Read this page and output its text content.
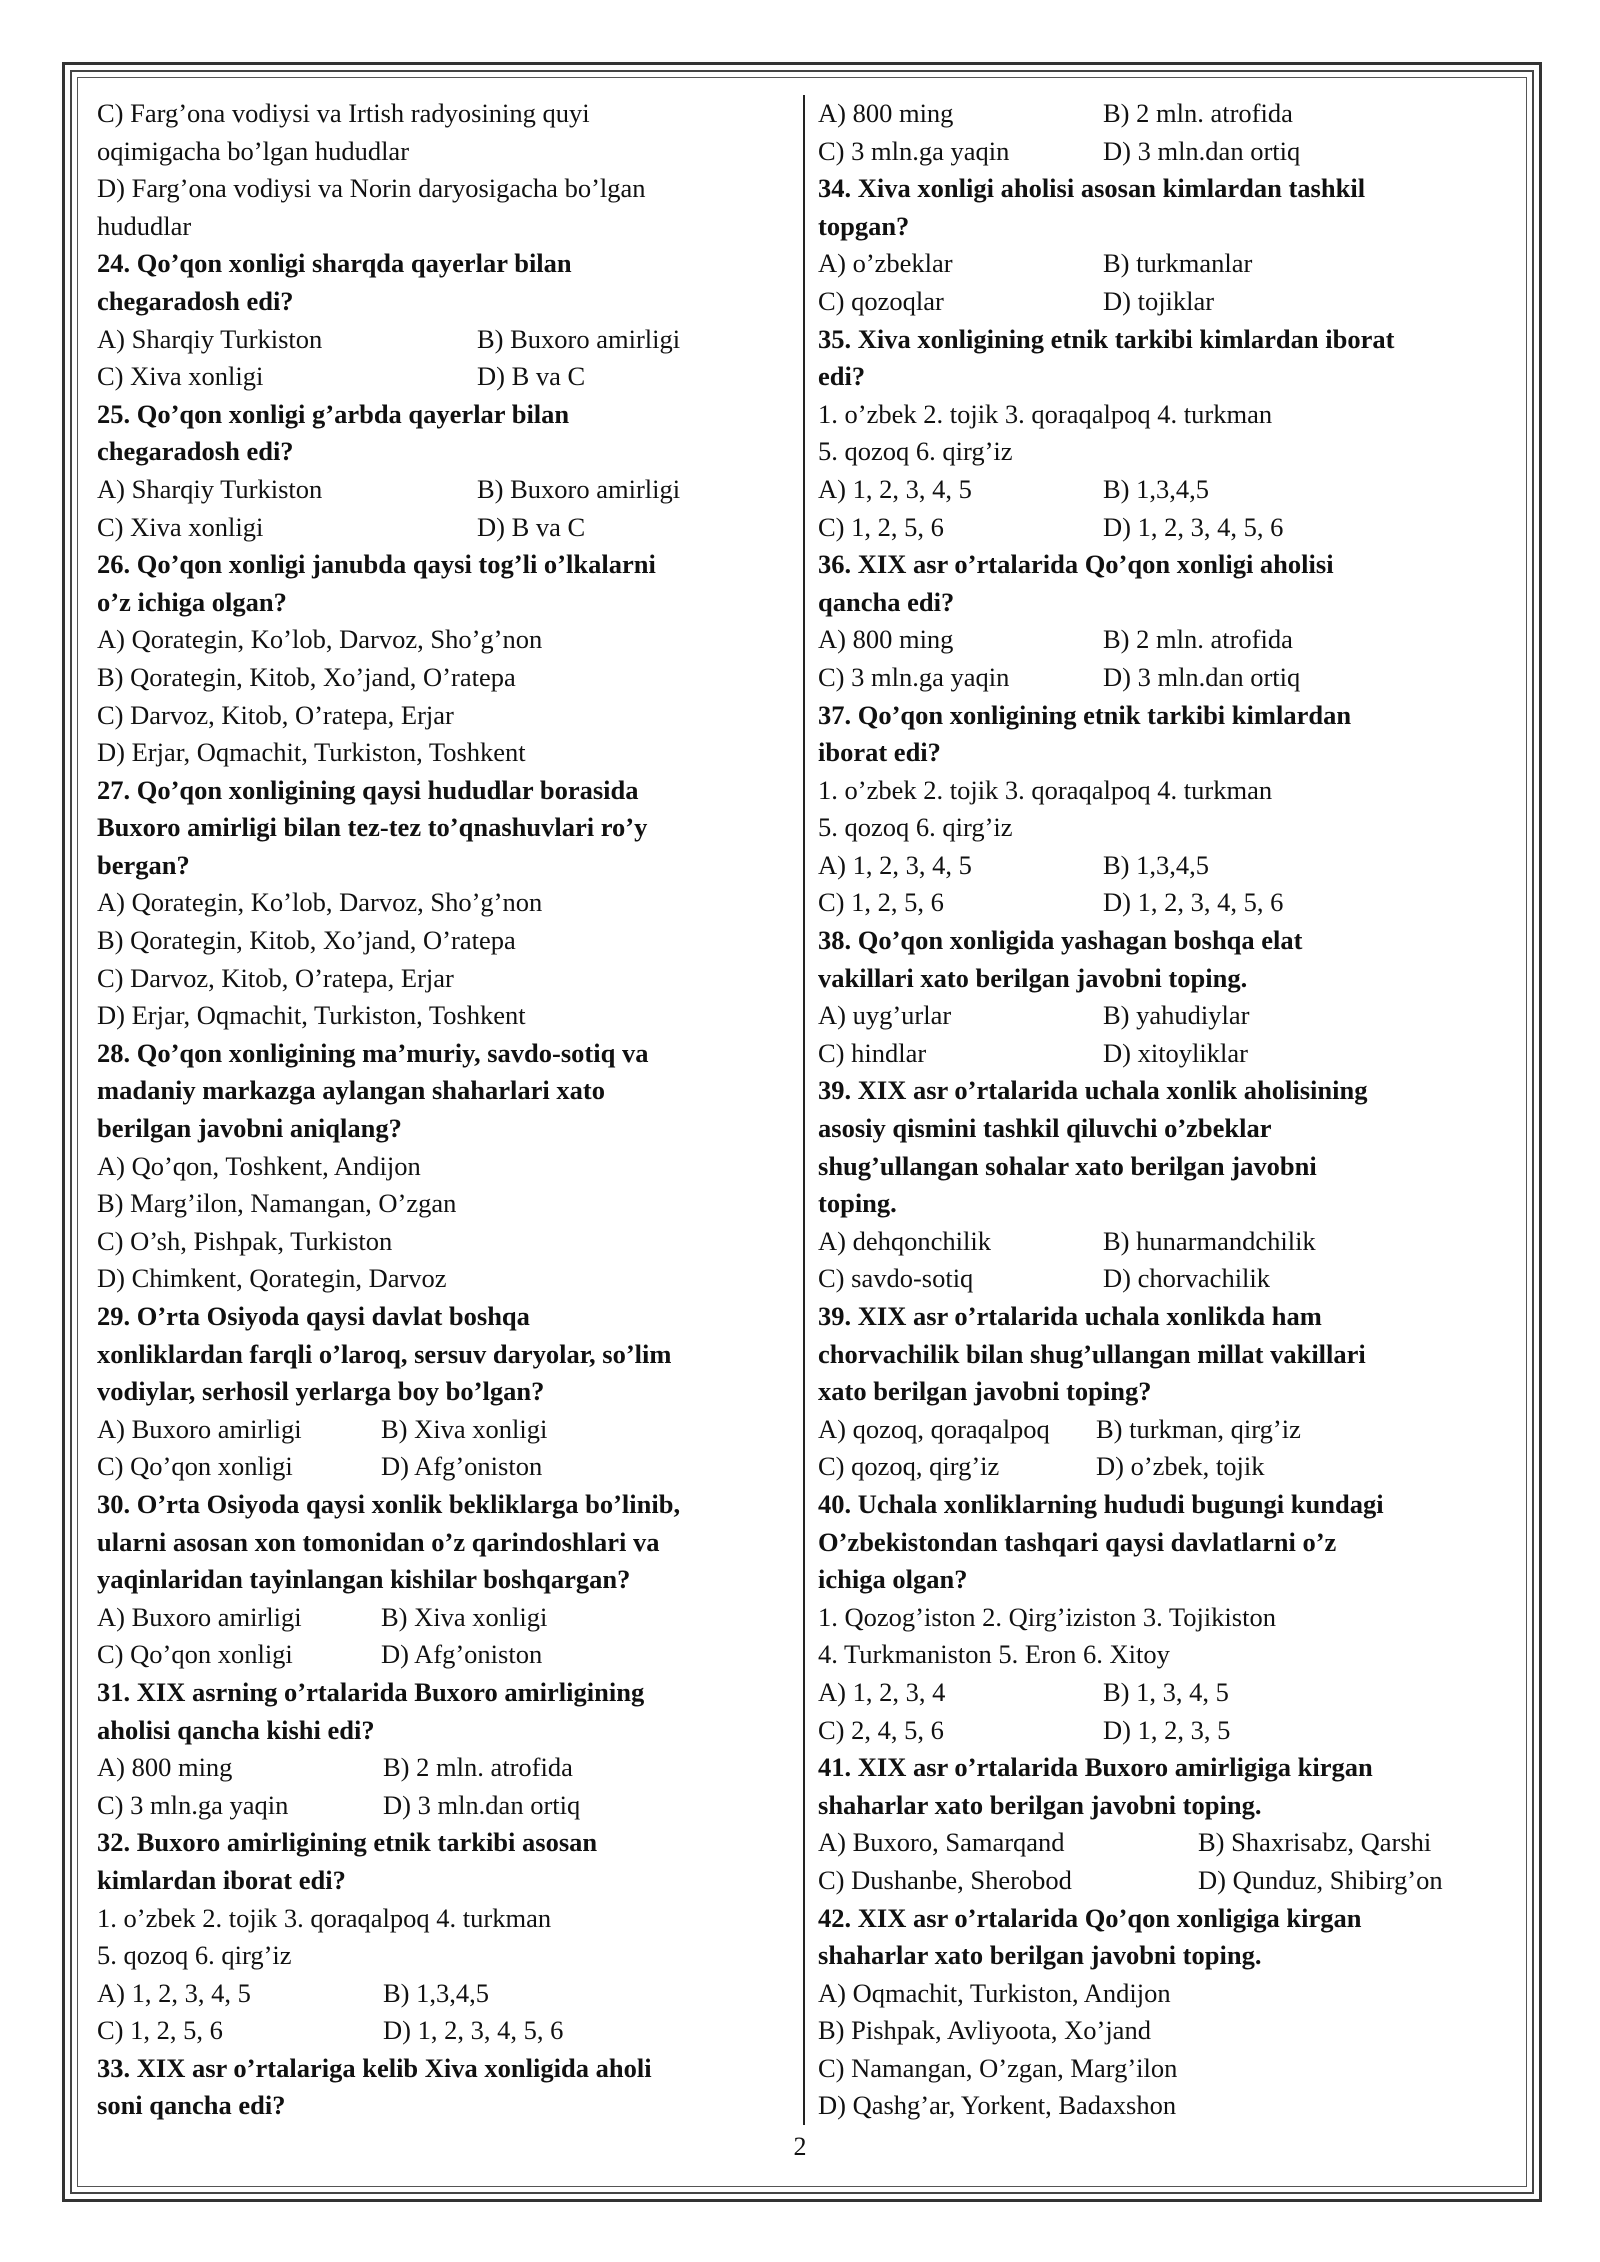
C) Farg’ona vodiysi va Irtish radyosining quyi
oqimigacha bo’lgan hududlar
D) Farg’ona vodiysi va Norin daryosigacha bo’lgan
hududlar
24. Qo’qon xonligi sharqda qayerlar bilan
chegaradosh edi?
A) Sharqiy Turkiston	B) Buxoro amirligi
C) Xiva xonligi	D) B va C
25. Qo’qon xonligi g’arbda qayerlar bilan
chegaradosh edi?
A) Sharqiy Turkiston	B) Buxoro amirligi
C) Xiva xonligi	D) B va C
26. Qo’qon xonligi janubda qaysi tog’li o’lkalarni
o’z ichiga olgan?
A) Qorategin, Ko’lob, Darvoz, Sho’g’non
B) Qorategin, Kitob, Xo’jand, O’ratepa
C) Darvoz, Kitob, O’ratepa, Erjar
D) Erjar, Oqmachit, Turkiston, Toshkent
27. Qo’qon xonligining qaysi hududlar borasida
Buxoro amirligi bilan tez-tez to’qnashuvlari ro’y
bergan?
A) Qorategin, Ko’lob, Darvoz, Sho’g’non
B) Qorategin, Kitob, Xo’jand, O’ratepa
C) Darvoz, Kitob, O’ratepa, Erjar
D) Erjar, Oqmachit, Turkiston, Toshkent
28. Qo’qon xonligining ma’muriy, savdo-sotiq va
madaniy markazga aylangan shaharlari xato
berilgan javobni aniqlang?
A) Qo’qon, Toshkent, Andijon
B) Marg’ilon, Namangan, O’zgan
C) O’sh, Pishpak, Turkiston
D) Chimkent, Qorategin, Darvoz
29. O’rta Osiyoda qaysi davlat boshqa
xonliklardan farqli o’laroq, sersuv daryolar, so’lim
vodiylar, serhosil yerlarga boy bo’lgan?
A) Buxoro amirligi	B) Xiva xonligi
C) Qo’qon xonligi	D) Afg’oniston
30. O’rta Osiyoda qaysi xonlik bekliklarga bo’linib,
ularni asosan xon tomonidan o’z qarindoshlari va
yaqinlaridan tayinlangan kishilar boshqargan?
A) Buxoro amirligi	B) Xiva xonligi
C) Qo’qon xonligi	D) Afg’oniston
31. XIX asrning o’rtalarida Buxoro amirligining
aholisi qancha kishi edi?
A) 800 ming	B) 2 mln. atrofida
C) 3 mln.ga yaqin	D) 3 mln.dan ortiq
32. Buxoro amirligining etnik tarkibi asosan
kimlardan iborat edi?
1. o’zbek 2. tojik 3. qoraqalpoq 4. turkman
5. qozoq 6. qirg’iz
A) 1, 2, 3, 4, 5	B) 1,3,4,5
C) 1, 2, 5, 6	D) 1, 2, 3, 4, 5, 6
33. XIX asr o’rtalariga kelib Xiva xonligida aholi
soni qancha edi?
A) 800 ming	B) 2 mln. atrofida
C) 3 mln.ga yaqin	D) 3 mln.dan ortiq
34. Xiva xonligi aholisi asosan kimlardan tashkil
topgan?
A) o’zbeklar	B) turkmanlar
C) qozoqlar	D) tojiklar
35. Xiva xonligining etnik tarkibi kimlardan iborat
edi?
1. o’zbek 2. tojik 3. qoraqalpoq 4. turkman
5. qozoq 6. qirg’iz
A) 1, 2, 3, 4, 5	B) 1,3,4,5
C) 1, 2, 5, 6	D) 1, 2, 3, 4, 5, 6
36. XIX asr o’rtalarida Qo’qon xonligi aholisi
qancha edi?
A) 800 ming	B) 2 mln. atrofida
C) 3 mln.ga yaqin	D) 3 mln.dan ortiq
37. Qo’qon xonligining etnik tarkibi kimlardan
iborat edi?
1. o’zbek 2. tojik 3. qoraqalpoq 4. turkman
5. qozoq 6. qirg’iz
A) 1, 2, 3, 4, 5	B) 1,3,4,5
C) 1, 2, 5, 6	D) 1, 2, 3, 4, 5, 6
38. Qo’qon xonligida yashagan boshqa elat
vakillari xato berilgan javobni toping.
A) uyg’urlar	B) yahudiylar
C) hindlar	D) xitoyliklar
39. XIX asr o’rtalarida uchala xonlik aholisining
asosiy qismini tashkil qiluvchi o’zbeklar
shug’ullangan sohalar xato berilgan javobni
toping.
A) dehqonchilik	B) hunarmandchilik
C) savdo-sotiq	D) chorvachilik
39. XIX asr o’rtalarida uchala xonlikda ham
chorvachilik bilan shug’ullangan millat vakillari
xato berilgan javobni toping?
A) qozoq, qoraqalpoq	B) turkman, qirg’iz
C) qozoq, qirg’iz	D) o’zbek, tojik
40. Uchala xonliklarning hududi bugungi kundagi
O’zbekistondan tashqari qaysi davlatlarni o’z
ichiga olgan?
1. Qozog’iston 2. Qirg’iziston 3. Tojikiston
4. Turkmaniston 5. Eron 6. Xitoy
A) 1, 2, 3, 4	B) 1, 3, 4, 5
C) 2, 4, 5, 6	D) 1, 2, 3, 5
41. XIX asr o’rtalarida Buxoro amirligiga kirgan
shaharlar xato berilgan javobni toping.
A) Buxoro, Samarqand	B) Shaxrisabz, Qarshi
C) Dushanbe, Sherobod	D) Qunduz, Shibirg’on
42. XIX asr o’rtalarida Qo’qon xonligiga kirgan
shaharlar xato berilgan javobni toping.
A) Oqmachit, Turkiston, Andijon
B) Pishpak, Avliyoota, Xo’jand
C) Namangan, O’zgan, Marg’ilon
D) Qashg’ar, Yorkent, Badaxshon
2
